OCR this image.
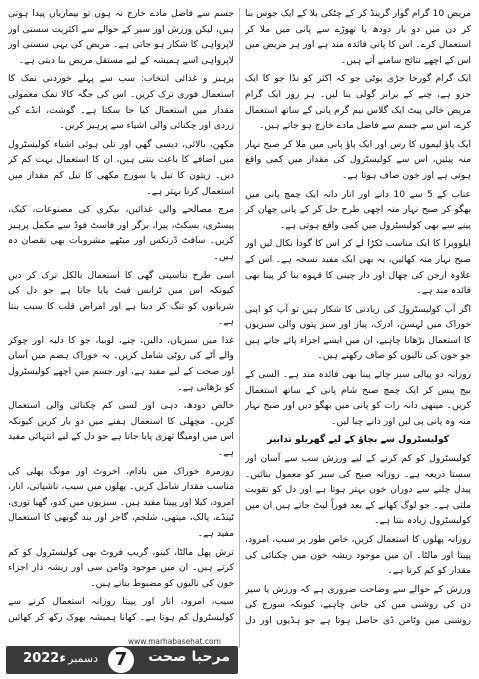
مریض 10 گرام گوار گرینڈ کر کے چٹکی بلا کے ایک جوس بنا کر دن میں دو بار دودھ یا تھوڑے سے پانی میں ملا کر استعمال کرے۔ اس کا پانی فائدہ مند ہے اور ہر مریض میں اس کے اچھے نتائج سامنے آتے ہیں۔

ایک گرام گورخا جڑی بوٹی جو کہ اکثر کو نڈا جو کا ایک جزو ہے، چنے کے برابر گولی بنا لیں۔ ہر روز ایک گرام مریض خالی پیٹ ایک گلاس نیم گرم پانی کے ساتھ استعمال کرے، اس سے جسم سے فاضل مادے خارج ہو جاتے ہیں۔

ایک پاؤ لیموں کا رس اور ایک پاؤ پانی میں ملا کر صبح نہار منہ پیئیں، اس سے کولیسٹرول کی مقدار میں کمی واقع ہوتی ہے اور خون صاف ہوتا ہے۔

عناب کے 5 سے 10 دانے اور انار دانہ ایک چمچ پانی میں بھگو کر صبح نہار منہ اچھی طرح حل کر کے پانی چھان کر پینے سے بھی کولیسٹرول میں کمی واقع ہوتی ہے۔

ایلوویرا کا ایک مناسب ٹکڑا لے کر اس کا گودا نکال لیں اور صبح نہار منہ کھائیں، یہ بھی ایک مفید نسخہ ہے۔ اس کے علاوہ ارجن کی چھال اور دار چینی کا قہوہ بنا کر پینا بھی فائدہ مند ہے۔

اگر آپ کولیسٹرول کی زیادتی کا شکار ہیں تو آپ کو اپنی خوراک میں لہسن، ادرک، پیاز اور سبز پتوں والی سبزیوں کا استعمال بڑھانا چاہیے، ان میں ایسے اجزاء پائے جاتے ہیں جو خون کی نالیوں کو صاف رکھتے ہیں۔

روزانہ دو پیالی سبز چائے پینا بھی فائدہ مند ہے۔ السی کے بیج پیس کر ایک چمچ صبح شام پانی کے ساتھ استعمال کریں۔ میتھی دانہ رات کو پانی میں بھگو دیں اور صبح نہار منہ وہ پانی پی لیں اور دانے چبا لیں۔

کولیسٹرول سے بچاؤ کے لیے گھریلو تدابیر

کولیسٹرول کو کم کرنے کے لیے ورزش سب سے آسان اور سستا ذریعہ ہے۔ روزانہ صبح کی سیر کو معمول بنائیں۔ پیدل چلنے سے دوران خون بہتر ہوتا ہے اور دل کو تقویت ملتی ہے۔ جو لوگ کھانے کے بعد فوراً لیٹ جاتے ہیں ان میں کولیسٹرول زیادہ بنتا ہے۔

روزانہ پھلوں کا استعمال کریں، خاص طور پر سیب، امرود، پپیتا اور مالٹا۔ ان میں موجود ریشہ خون میں چکنائی کی مقدار کو کم کرتا ہے۔

ورزش کے حوالے سے وضاحت ضروری ہے کہ ورزش یا سیر دن کی روشنی میں کی جانی چاہیے، کیونکہ سورج کی روشنی میں وٹامن ڈی حاصل ہوتا ہے جو ہڈیوں اور دل

جسم سے فاضل مادے خارج نہ ہوں تو بیماریاں پیدا ہوتی ہیں، لیکن ورزش اور سیر کے حوالے سے اکثریت سستی اور لاپرواہی کا شکار ہو جاتی ہے۔ مریض کی یہی سستی اور لاپرواہی اسے ہمیشہ کے لیے مستقل مریض بنا دیتی ہے۔

پرہیز و غذائی انتخاب: سب سے پہلے خوردنی نمک کا استعمال فوری ترک کریں۔ اس کی جگہ کالا نمک معمولی مقدار میں استعمال کیا جا سکتا ہے۔ گوشت، انڈے کی زردی اور چکنائی والی اشیاء سے پرہیز کریں۔

مکھن، بالائی، دیسی گھی اور تلی ہوئی اشیاء کولیسٹرول میں اضافے کا باعث بنتی ہیں، ان کا استعمال بہت کم کر دیں۔ زیتون کا تیل یا سورج مکھی کا تیل کم مقدار میں استعمال کرنا بہتر ہے۔

مرچ مصالحے والی غذائیں، بیکری کی مصنوعات، کیک، پیسٹری، بسکٹ، پیزا، برگر اور فاسٹ فوڈ سے مکمل پرہیز کریں۔ سافٹ ڈرنکس اور میٹھے مشروبات بھی نقصان دہ ہیں۔

اسی طرح بناسپتی گھی کا استعمال بالکل ترک کر دیں کیونکہ اس میں ٹرانس فیٹ پایا جاتا ہے جو دل کی شریانوں کو تنگ کر دیتا ہے اور امراض قلب کا سبب بنتا ہے۔

غذا میں سبزیاں، دالیں، چنے، لوبیا، جو کا دلیہ اور چوکر والے آٹے کی روٹی شامل کریں۔ یہ خوراک ہضم میں آسان اور صحت کے لیے مفید ہے، اور جسم میں اچھے کولیسٹرول کو بڑھاتی ہے۔

خالص دودھ، دہی اور لسی کم چکنائی والی استعمال کریں۔ مچھلی کا استعمال ہفتے میں دو بار کریں کیونکہ اس میں اومیگا تھری پایا جاتا ہے جو دل کے لیے انتہائی مفید ہے۔

روزمرہ خوراک میں بادام، اخروٹ اور مونگ پھلی کی مناسب مقدار شامل کریں۔ پھلوں میں سیب، ناشپاتی، انار، امرود، کیلا اور پپیتا مفید ہیں۔ سبزیوں میں کدو، گھیا توری، ٹینڈے، پالک، میتھی، شلجم، گاجر اور بند گوبھی کا استعمال مفید ہے۔

ترش پھل مالٹا، کینو، گریپ فروٹ بھی کولیسٹرول کو کم کرتے ہیں۔ ان میں موجود وٹامن سی اور ریشہ دار اجزاء خون کی نالیوں کو مضبوط بناتے ہیں۔

سیب، امرود، انار اور پپیتا روزانہ استعمال کرنے سے کولیسٹرول کم ہوتا ہے۔ کھانا ہمیشہ بھوک رکھ کر کھائیں

www.marhabasehat.com
مرحبا صحت
7
دسمبر
2022ء
